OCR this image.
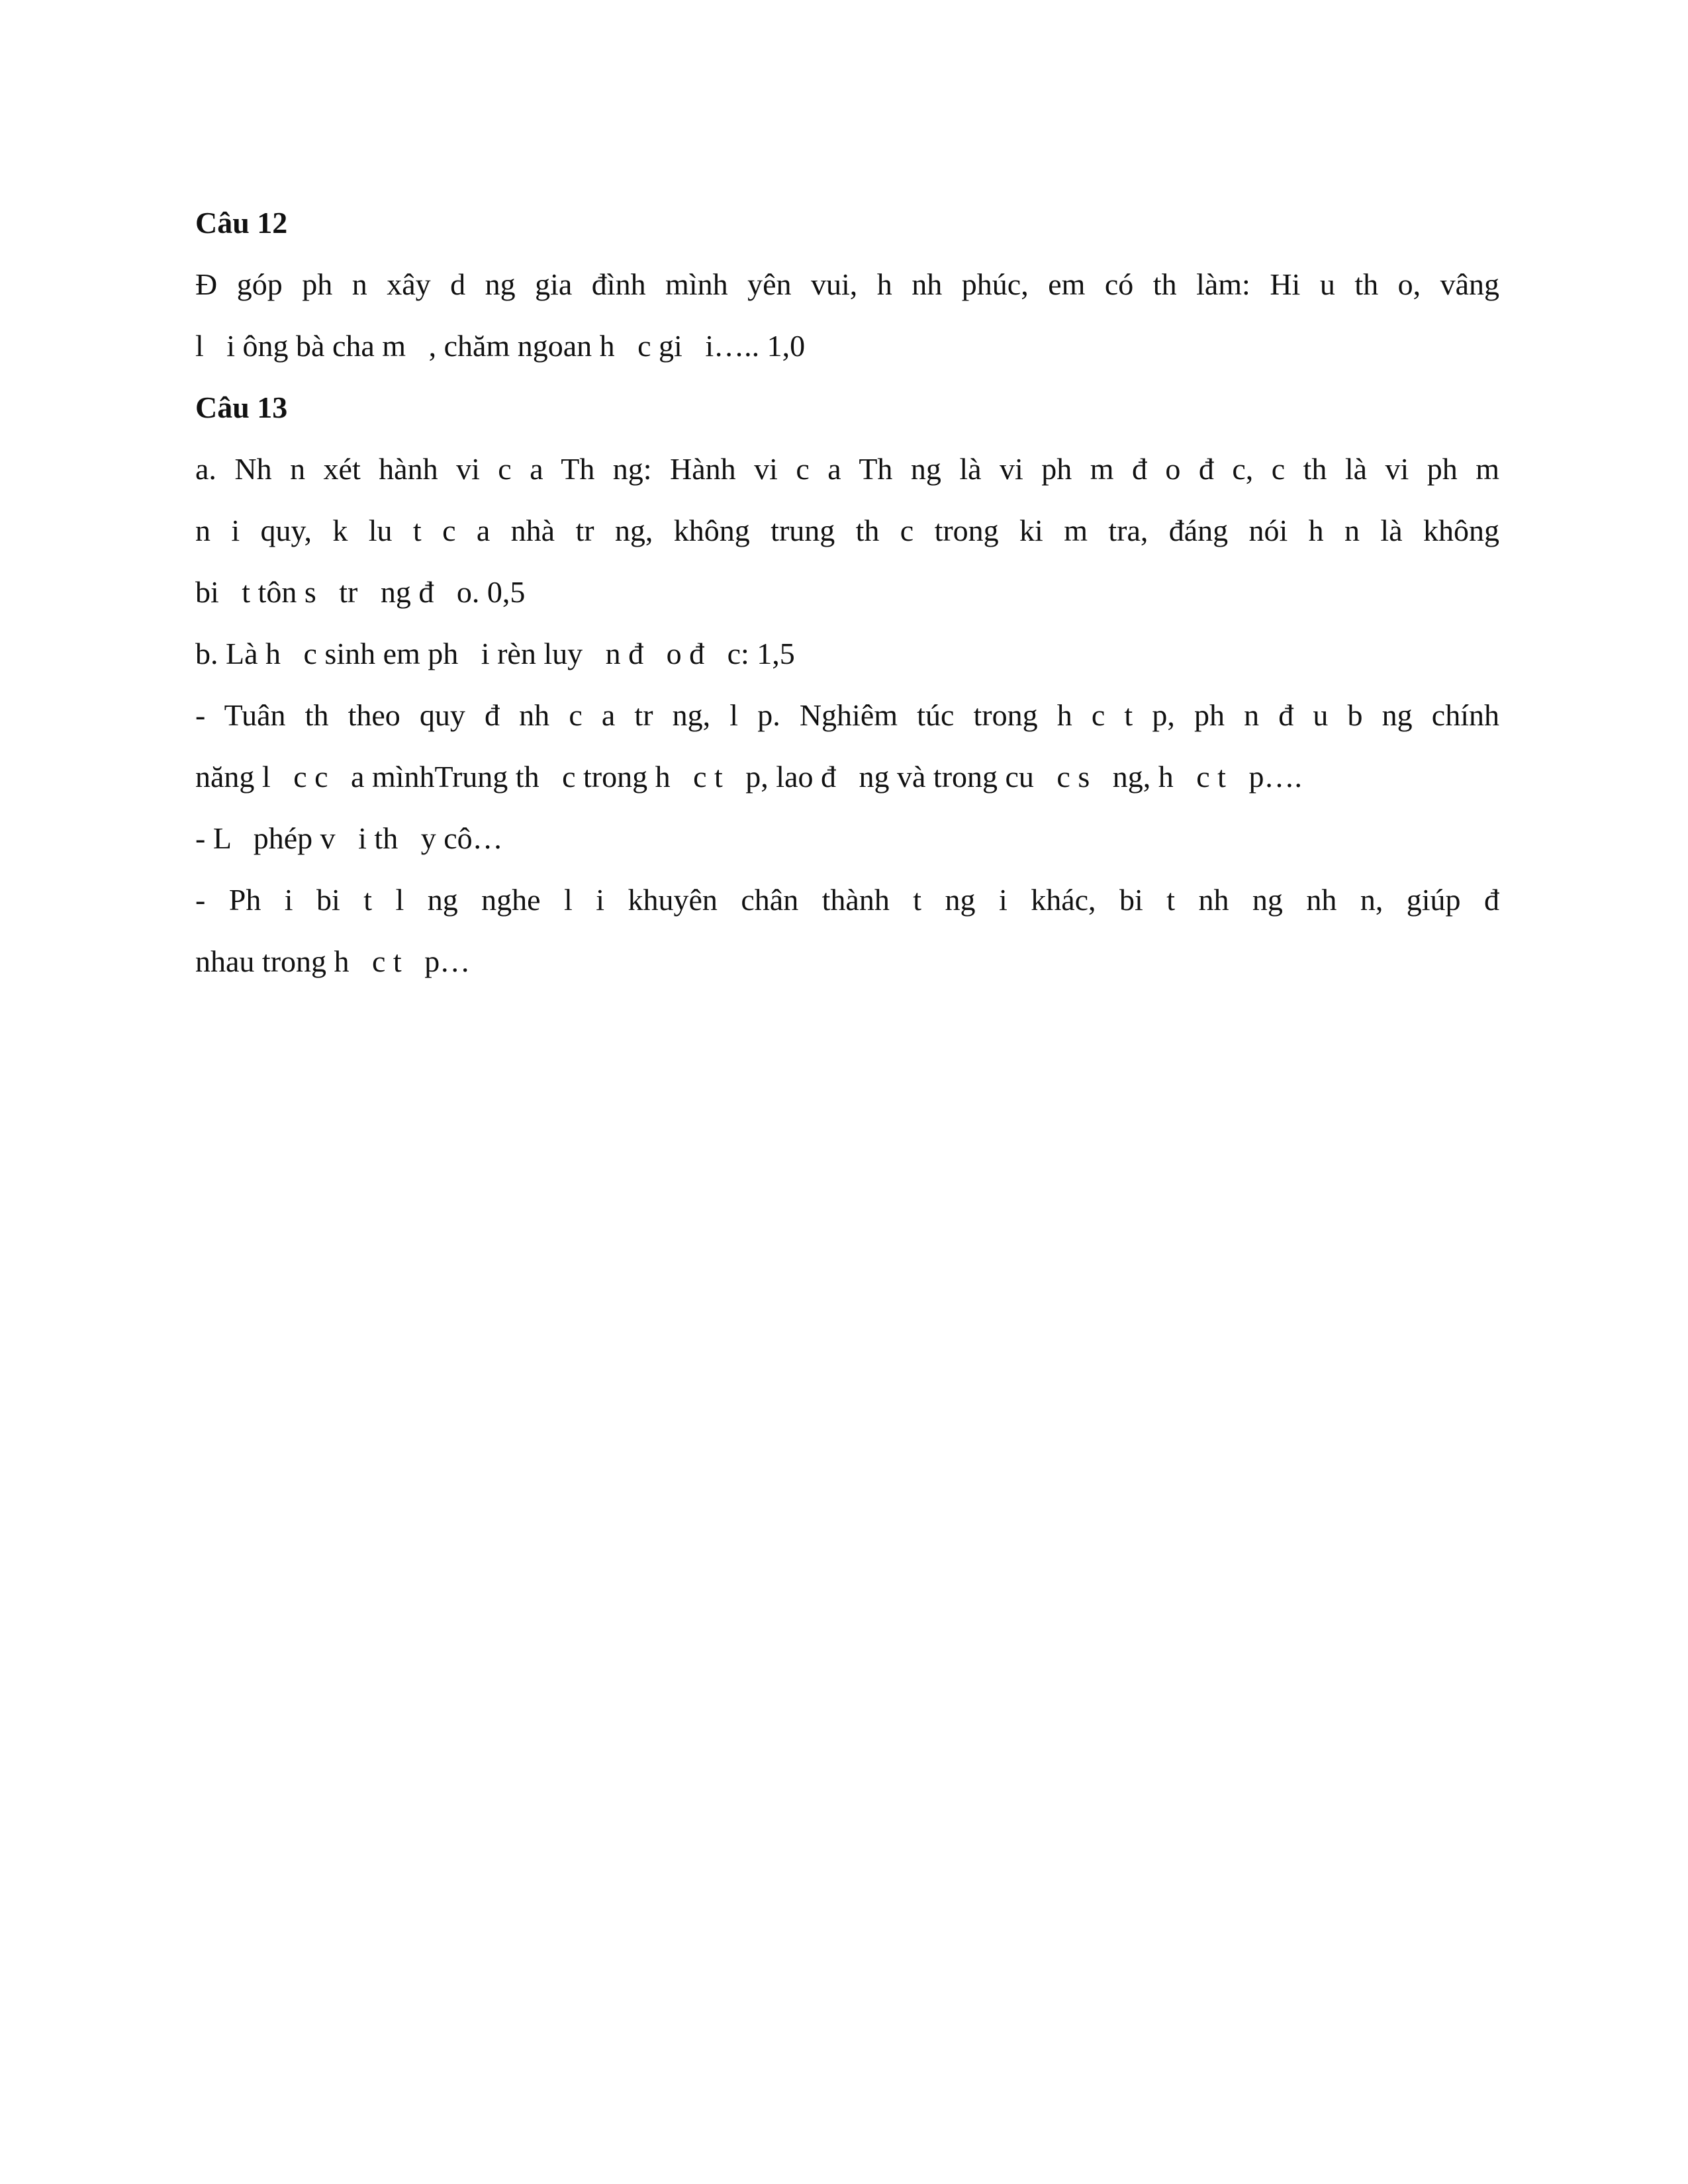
Câu 12
Đ góp ph n xây d ng gia đình mình yên vui, h nh phúc, em có th làm: Hi u th o, vâng
l   i ông bà cha m   , chăm ngoan h   c gi   i….. 1,0
Câu 13
a. Nh n xét hành vi c a Th ng: Hành vi c a Th ng là vi ph m đ o đ c, c th là vi ph m
n i quy, k lu t c a nhà tr ng, không trung th c trong ki m tra, đáng nói h n là không
bi   t tôn s   tr   ng đ   o. 0,5
b. Là h   c sinh em ph   i rèn luy   n đ   o đ   c: 1,5
- Tuân th theo quy đ nh c a tr ng, l p. Nghiêm túc trong h c t p, ph n đ u b ng chính
năng l   c c   a mìnhTrung th   c trong h   c t   p, lao đ   ng và trong cu   c s   ng, h   c t   p….
- L   phép v   i th   y cô…
- Ph i bi t l ng nghe l i khuyên chân thành t ng i khác, bi t nh ng nh n, giúp đ
nhau trong h   c t   p…
